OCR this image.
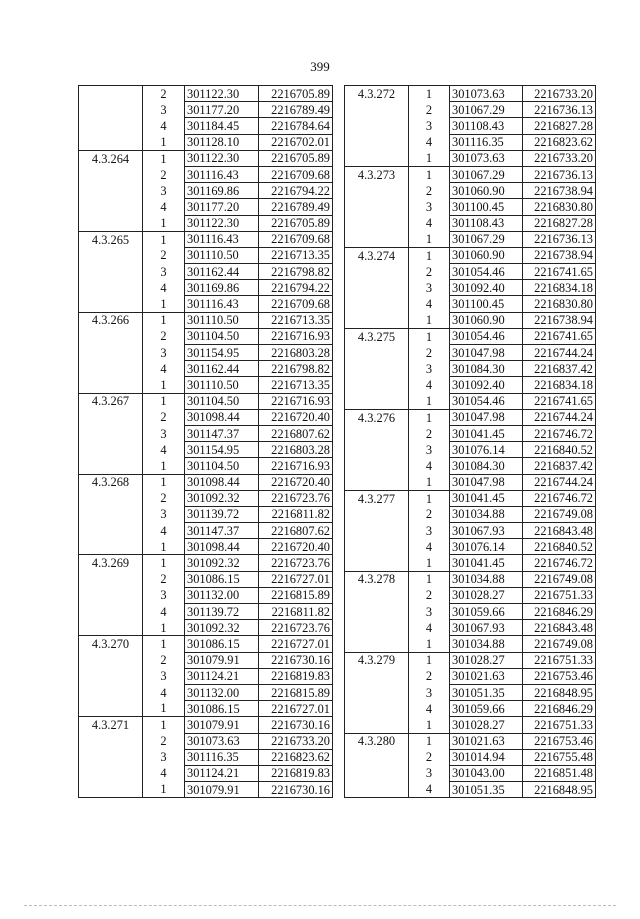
399
	2	301122.30	2216705.89
	3	301177.20	2216789.49
	4	301184.45	2216784.64
	1	301128.10	2216702.01
4.3.264	1	301122.30	2216705.89
	2	301116.43	2216709.68
	3	301169.86	2216794.22
	4	301177.20	2216789.49
	1	301122.30	2216705.89
4.3.265	1	301116.43	2216709.68
	2	301110.50	2216713.35
	3	301162.44	2216798.82
	4	301169.86	2216794.22
	1	301116.43	2216709.68
4.3.266	1	301110.50	2216713.35
	2	301104.50	2216716.93
	3	301154.95	2216803.28
	4	301162.44	2216798.82
	1	301110.50	2216713.35
4.3.267	1	301104.50	2216716.93
	2	301098.44	2216720.40
	3	301147.37	2216807.62
	4	301154.95	2216803.28
	1	301104.50	2216716.93
4.3.268	1	301098.44	2216720.40
	2	301092.32	2216723.76
	3	301139.72	2216811.82
	4	301147.37	2216807.62
	1	301098.44	2216720.40
4.3.269	1	301092.32	2216723.76
	2	301086.15	2216727.01
	3	301132.00	2216815.89
	4	301139.72	2216811.82
	1	301092.32	2216723.76
4.3.270	1	301086.15	2216727.01
	2	301079.91	2216730.16
	3	301124.21	2216819.83
	4	301132.00	2216815.89
	1	301086.15	2216727.01
4.3.271	1	301079.91	2216730.16
	2	301073.63	2216733.20
	3	301116.35	2216823.62
	4	301124.21	2216819.83
	1	301079.91	2216730.16
4.3.272	1	301073.63	2216733.20
	2	301067.29	2216736.13
	3	301108.43	2216827.28
	4	301116.35	2216823.62
	1	301073.63	2216733.20
4.3.273	1	301067.29	2216736.13
	2	301060.90	2216738.94
	3	301100.45	2216830.80
	4	301108.43	2216827.28
	1	301067.29	2216736.13
4.3.274	1	301060.90	2216738.94
	2	301054.46	2216741.65
	3	301092.40	2216834.18
	4	301100.45	2216830.80
	1	301060.90	2216738.94
4.3.275	1	301054.46	2216741.65
	2	301047.98	2216744.24
	3	301084.30	2216837.42
	4	301092.40	2216834.18
	1	301054.46	2216741.65
4.3.276	1	301047.98	2216744.24
	2	301041.45	2216746.72
	3	301076.14	2216840.52
	4	301084.30	2216837.42
	1	301047.98	2216744.24
4.3.277	1	301041.45	2216746.72
	2	301034.88	2216749.08
	3	301067.93	2216843.48
	4	301076.14	2216840.52
	1	301041.45	2216746.72
4.3.278	1	301034.88	2216749.08
	2	301028.27	2216751.33
	3	301059.66	2216846.29
	4	301067.93	2216843.48
	1	301034.88	2216749.08
4.3.279	1	301028.27	2216751.33
	2	301021.63	2216753.46
	3	301051.35	2216848.95
	4	301059.66	2216846.29
	1	301028.27	2216751.33
4.3.280	1	301021.63	2216753.46
	2	301014.94	2216755.48
	3	301043.00	2216851.48
	4	301051.35	2216848.95
